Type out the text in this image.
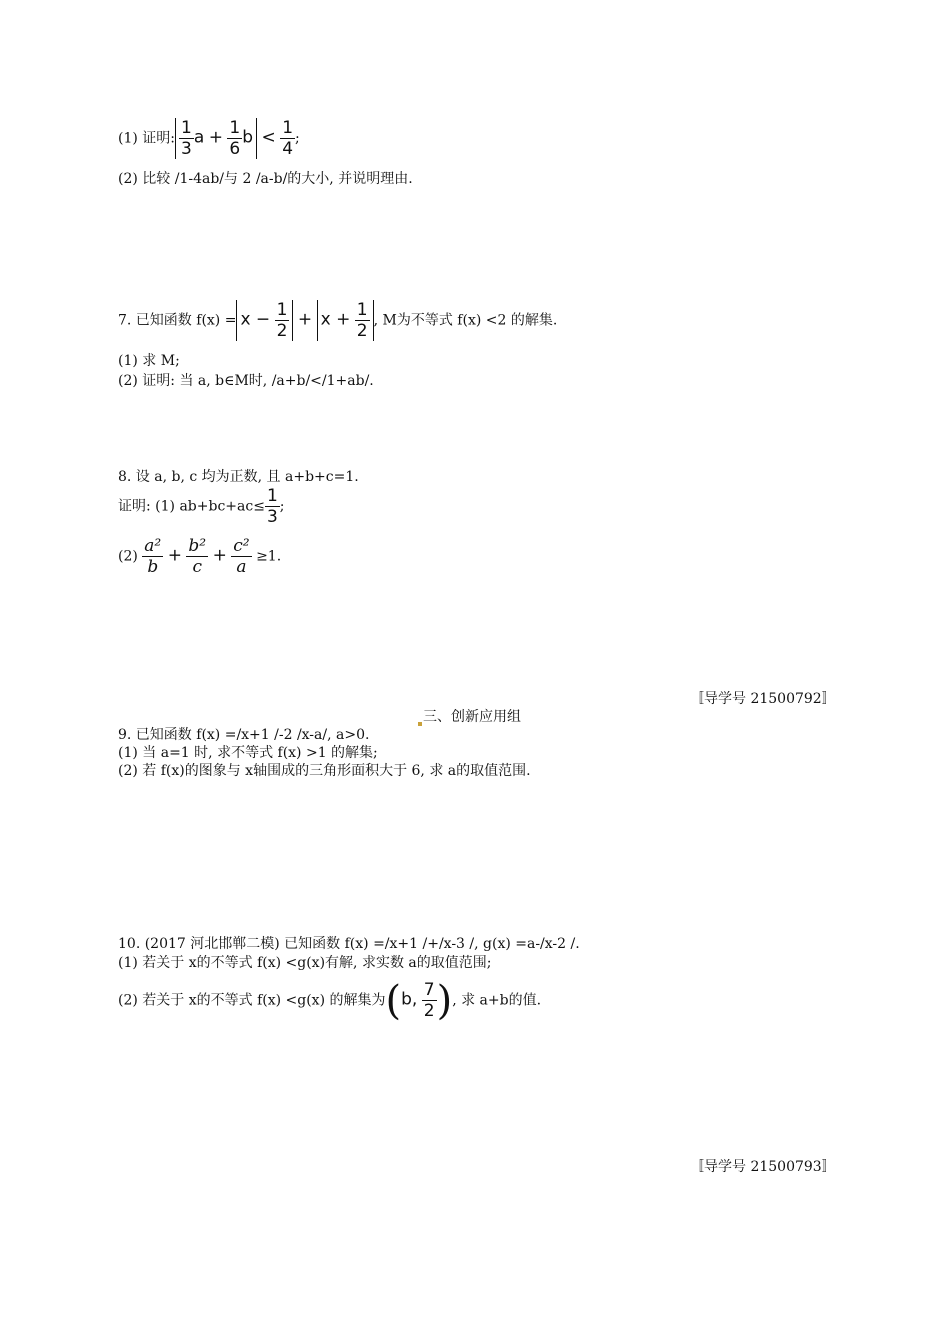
(1) 证明: $\frac{1}{3}$ $a + \frac{1}{6}$ $b < \frac{1}{4}$ ;
(2) 比较 /1-4ab/与 2 /a-b/的大小, 并说明理由.
7. 已知函数 $f(x) = x - \frac{1}{2} + x + \frac{1}{2}$ , M为不等式 f(x) <2 的解集.
(1) 求 M;
(2) 证明: 当 a, b∈M时, /a+b/</1+ab/.
8. 设 a, b, c 均为正数, 且 a+b+c=1.
证明: (1) $ab+bc+ac\le \frac{1}{3}$ ;
$(2) \frac{\text{a²}}{b} + \frac{\text{b²}}{c} + \frac{\text{c²}}{a} \ge 1$.
〚导学号 21500792〛
三、创新应用组
9. 已知函数 f(x) =/x+1 /-2 /x-a/, a>0.
(1) 当 a=1 时, 求不等式 f(x) >1 的解集;
(2) 若 f(x)的图象与 x轴围成的三角形面积大于 6, 求 a的取值范围.
10. (2017 河北邯郸二模) 已知函数 f(x) =/x+1 /+/x-3 /, g(x) =a-/x-2 /.
(1) 若关于 x的不等式 f(x) <g(x)有解, 求实数 a的取值范围;
(2) 若关于 x的不等式 f(x) <g(x) 的解集为(b, $\frac{7}{2}$ ), 求 a+b的值.
〚导学号 21500793〛
